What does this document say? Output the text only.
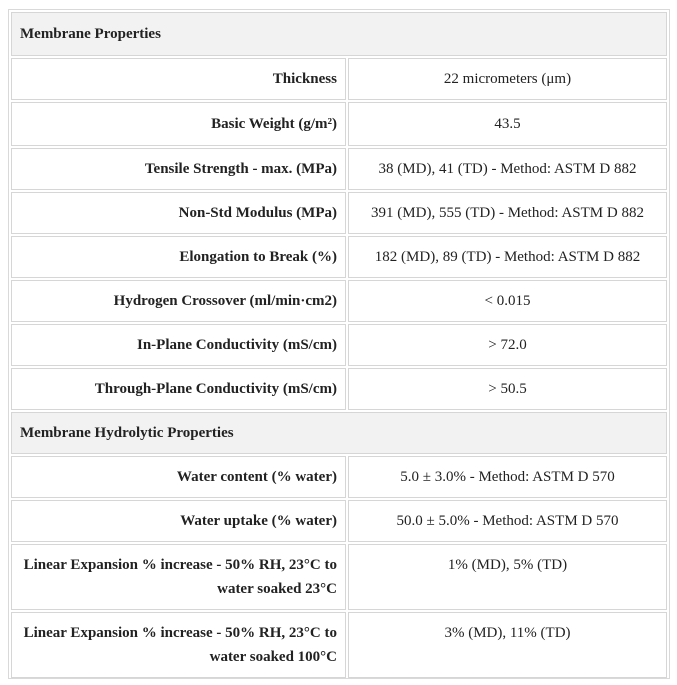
Membrane Properties	
Thickness	22 micrometers (μm)
Basic Weight (g/m²)	43.5
Tensile Strength - max. (MPa)	38 (MD), 41 (TD) - Method: ASTM D 882
Non-Std Modulus (MPa)	391 (MD), 555 (TD) - Method: ASTM D 882
Elongation to Break (%)	182 (MD), 89 (TD) - Method: ASTM D 882
Hydrogen Crossover (ml/min·cm2)	< 0.015
In-Plane Conductivity (mS/cm)	> 72.0
Through-Plane Conductivity (mS/cm)	> 50.5
Membrane Hydrolytic Properties	
Water content (% water)	5.0 ± 3.0% - Method: ASTM D 570
Water uptake (% water)	50.0 ± 5.0% - Method: ASTM D 570
Linear Expansion % increase - 50% RH, 23°C to water soaked 23°C	1% (MD), 5% (TD)
Linear Expansion % increase - 50% RH, 23°C to water soaked 100°C	3% (MD), 11% (TD)
